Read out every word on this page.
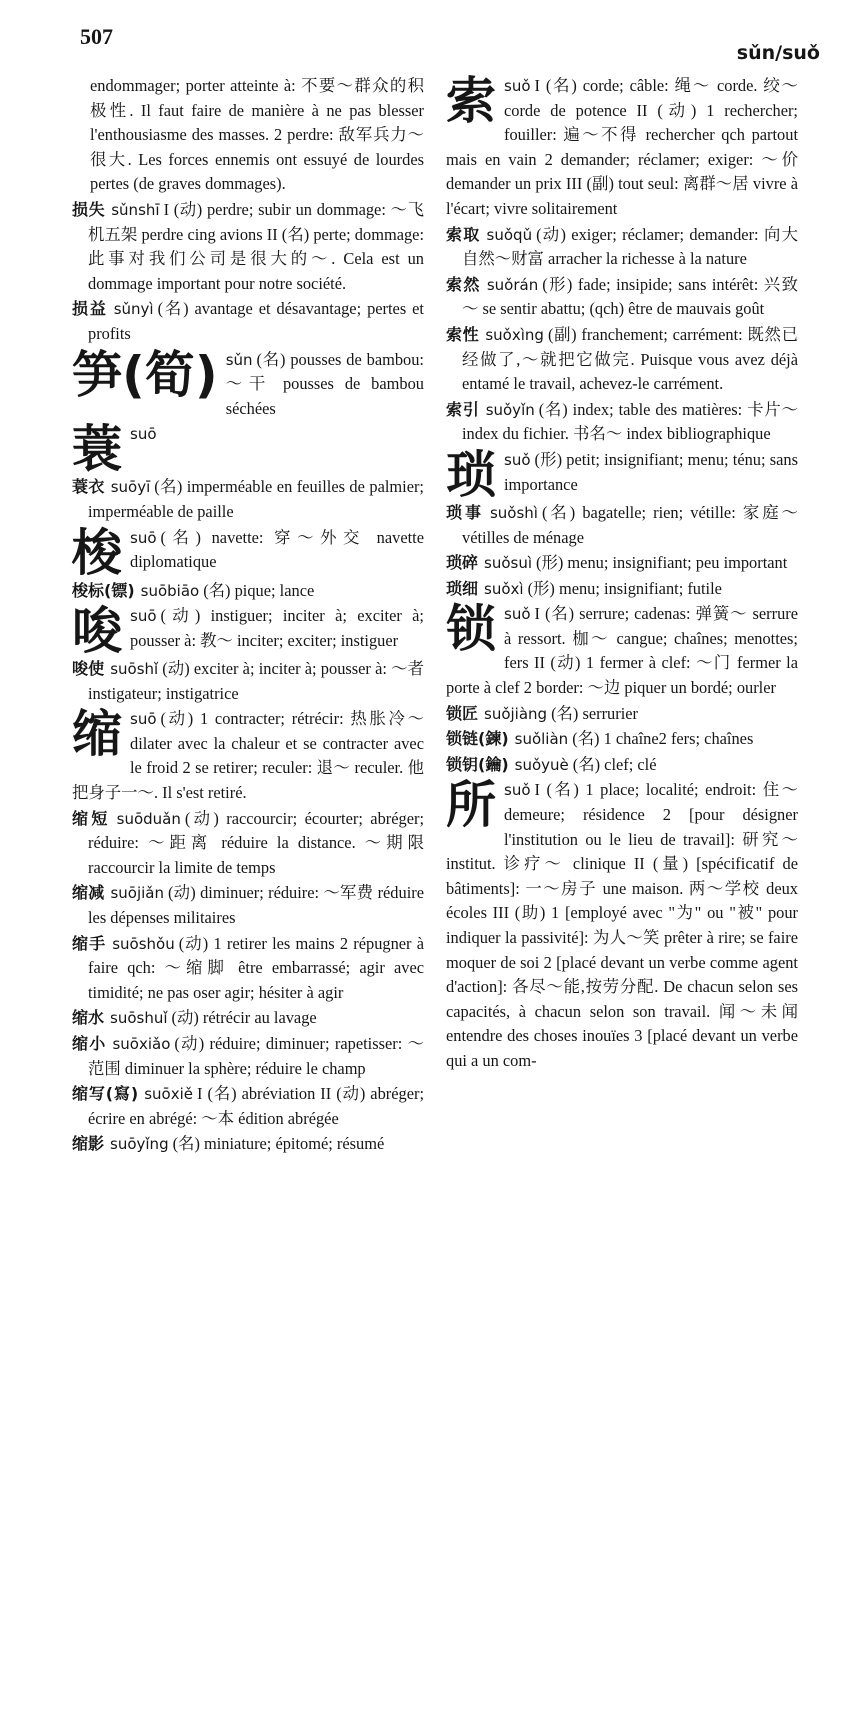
507
sǔn/suǒ
endommager; porter atteinte à: 不要～群众的积极性. Il faut faire de manière à ne pas blesser l'enthousiasme des masses. 2 perdre: 敌军兵力～很大. Les forces ennemis ont essuyé de lourdes pertes (de graves dommages).
损失 sǔnshī I (动) perdre; subir un dommage: ～飞机五架 perdre cing avions II (名) perte; dommage: 此事对我们公司是很大的～. Cela est un dommage important pour notre société.
损益 sǔnyì (名) avantage et désavantage; pertes et profits
笋(筍) sǔn (名) pousses de bambou: ～干 pousses de bambou séchées
蓑suō
蓑衣 suōyī (名) imperméable en feuilles de palmier; imperméable de paille
梭suō (名) navette: 穿～外交 navette diplomatique
梭标(镖) suōbiāo (名) pique; lance
唆suō (动) instiguer; inciter à; exciter à; pousser à: 教～ inciter; exciter; instiguer
唆使 suōshǐ (动) exciter à; inciter à; pousser à: ～者 instigateur; instigatrice
缩suō (动) 1 contracter; rétrécir: 热胀冷～ dilater avec la chaleur et se contracter avec le froid 2 se retirer; reculer: 退～ reculer. 他把身子一～. Il s'est retiré.
缩短 suōduǎn (动) raccourcir; écourter; abréger; réduire: ～距离 réduire la distance. ～期限 raccourcir la limite de temps
缩减 suōjiǎn (动) diminuer; réduire: ～军费 réduire les dépenses militaires
缩手 suōshǒu (动) 1 retirer les mains 2 répugner à faire qch: ～缩脚 être embarrassé; agir avec timidité; ne pas oser agir; hésiter à agir
缩水 suōshuǐ (动) rétrécir au lavage
缩小 suōxiǎo (动) réduire; diminuer; rapetisser: ～范围 diminuer la sphère; réduire le champ
缩写(寫) suōxiě I (名) abréviation II (动) abréger; écrire en abrégé: ～本 édition abrégée
缩影 suōyǐng (名) miniature; épitomé; résumé
索suǒ I (名) corde; câble: 绳～ corde. 绞～ corde de potence II (动) 1 rechercher; fouiller: 遍～不得 rechercher qch partout mais en vain 2 demander; réclamer; exiger: ～价 demander un prix III (副) tout seul: 离群～居 vivre à l'écart; vivre solitairement
索取 suǒqǔ (动) exiger; réclamer; demander: 向大自然～财富 arracher la richesse à la nature
索然 suǒrán (形) fade; insipide; sans intérêt: 兴致～ se sentir abattu; (qch) être de mauvais goût
索性 suǒxìng (副) franchement; carrément: 既然已经做了,～就把它做完. Puisque vous avez déjà entamé le travail, achevez-le carrément.
索引 suǒyǐn (名) index; table des matières: 卡片～ index du fichier. 书名～ index bibliographique
琐suǒ (形) petit; insignifiant; menu; ténu; sans importance
琐事 suǒshì (名) bagatelle; rien; vétille: 家庭～ vétilles de ménage
琐碎 suǒsuì (形) menu; insignifiant; peu important
琐细 suǒxì (形) menu; insignifiant; futile
锁suǒ I (名) serrure; cadenas: 弹簧～ serrure à ressort. 枷～ cangue; chaînes; menottes; fers II (动) 1 fermer à clef: ～门 fermer la porte à clef 2 border: ～边 piquer un bordé; ourler
锁匠 suǒjiàng (名) serrurier
锁链(鍊) suǒliàn (名) 1 chaîne2 fers; chaînes
锁钥(鑰) suǒyuè (名) clef; clé
所suǒ I (名) 1 place; localité; endroit: 住～ demeure; résidence 2 [pour désigner l'institution ou le lieu de travail]: 研究～ institut. 诊疗～ clinique II (量) [spécificatif de bâtiments]: 一～房子 une maison. 两～学校 deux écoles III (助) 1 [employé avec "为" ou "被" pour indiquer la passivité]: 为人～笑 prêter à rire; se faire moquer de soi 2 [placé devant un verbe comme agent d'action]: 各尽～能,按劳分配. De chacun selon ses capacités, à chacun selon son travail. 闻～未闻 entendre des choses inouïes 3 [placé devant un verbe qui a un com-
